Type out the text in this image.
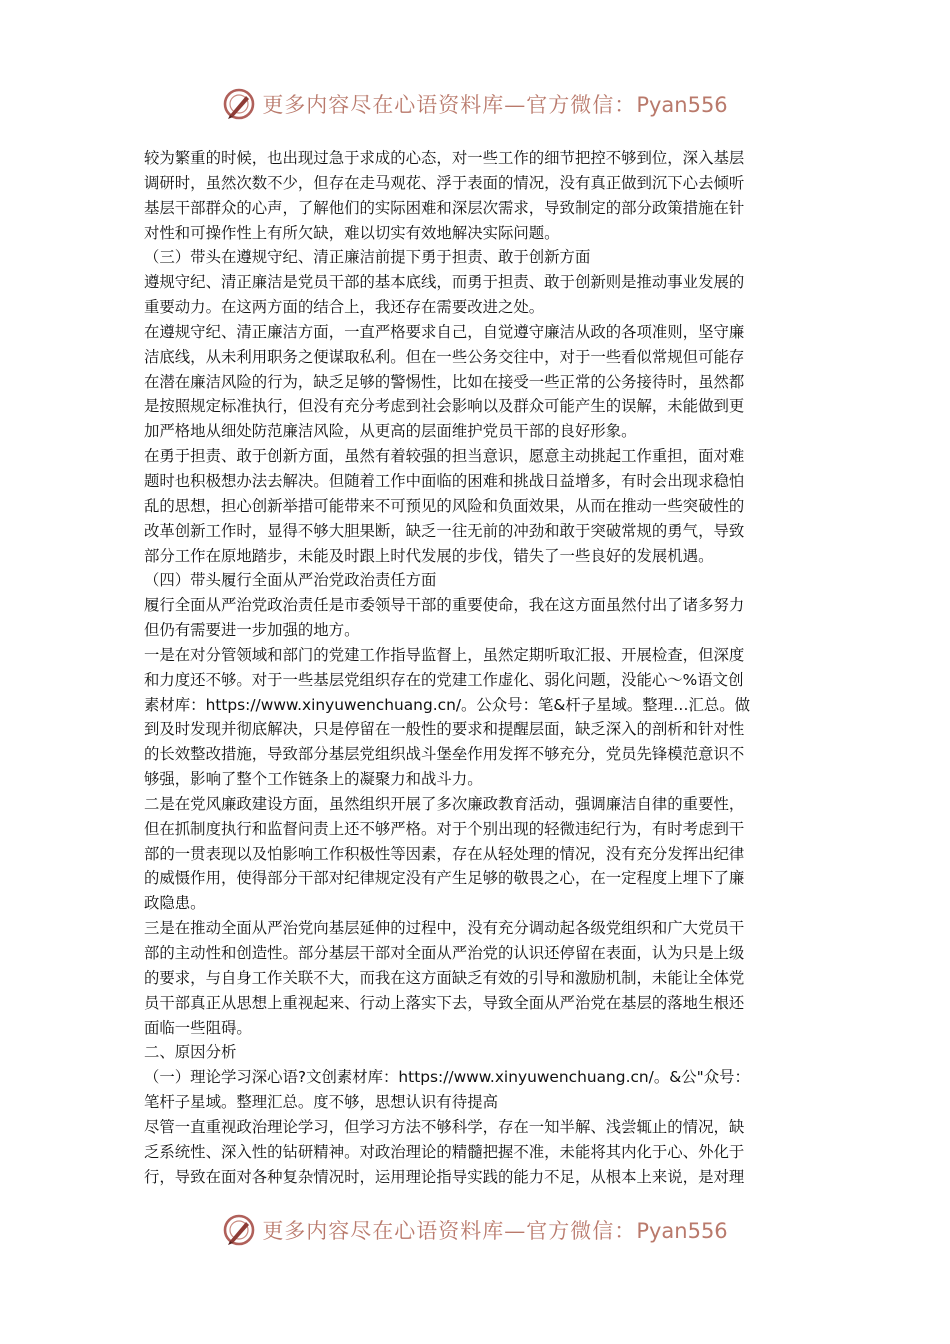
更多内容尽在心语资料库—官方微信：Pyan556
较为繁重的时候，也出现过急于求成的心态，对一些工作的细节把控不够到位，深入基层
调研时，虽然次数不少，但存在走马观花、浮于表面的情况，没有真正做到沉下心去倾听
基层干部群众的心声，了解他们的实际困难和深层次需求，导致制定的部分政策措施在针
对性和可操作性上有所欠缺，难以切实有效地解决实际问题。
（三）带头在遵规守纪、清正廉洁前提下勇于担责、敢于创新方面
遵规守纪、清正廉洁是党员干部的基本底线，而勇于担责、敢于创新则是推动事业发展的
重要动力。在这两方面的结合上，我还存在需要改进之处。
在遵规守纪、清正廉洁方面，一直严格要求自己，自觉遵守廉洁从政的各项准则，坚守廉
洁底线，从未利用职务之便谋取私利。但在一些公务交往中，对于一些看似常规但可能存
在潜在廉洁风险的行为，缺乏足够的警惕性，比如在接受一些正常的公务接待时，虽然都
是按照规定标准执行，但没有充分考虑到社会影响以及群众可能产生的误解，未能做到更
加严格地从细处防范廉洁风险，从更高的层面维护党员干部的良好形象。
在勇于担责、敢于创新方面，虽然有着较强的担当意识，愿意主动挑起工作重担，面对难
题时也积极想办法去解决。但随着工作中面临的困难和挑战日益增多，有时会出现求稳怕
乱的思想，担心创新举措可能带来不可预见的风险和负面效果，从而在推动一些突破性的
改革创新工作时，显得不够大胆果断，缺乏一往无前的冲劲和敢于突破常规的勇气，导致
部分工作在原地踏步，未能及时跟上时代发展的步伐，错失了一些良好的发展机遇。
（四）带头履行全面从严治党政治责任方面
履行全面从严治党政治责任是市委领导干部的重要使命，我在这方面虽然付出了诸多努力
但仍有需要进一步加强的地方。
一是在对分管领域和部门的党建工作指导监督上，虽然定期听取汇报、开展检查，但深度
和力度还不够。对于一些基层党组织存在的党建工作虚化、弱化问题，没能心～%语文创
素材库：https://www.xinyuwenchuang.cn/。公众号：笔&杆子星域。整理…汇总。做
到及时发现并彻底解决，只是停留在一般性的要求和提醒层面，缺乏深入的剖析和针对性
的长效整改措施，导致部分基层党组织战斗堡垒作用发挥不够充分，党员先锋模范意识不
够强，影响了整个工作链条上的凝聚力和战斗力。
二是在党风廉政建设方面，虽然组织开展了多次廉政教育活动，强调廉洁自律的重要性，
但在抓制度执行和监督问责上还不够严格。对于个别出现的轻微违纪行为，有时考虑到干
部的一贯表现以及怕影响工作积极性等因素，存在从轻处理的情况，没有充分发挥出纪律
的威慑作用，使得部分干部对纪律规定没有产生足够的敬畏之心，在一定程度上埋下了廉
政隐患。
三是在推动全面从严治党向基层延伸的过程中，没有充分调动起各级党组织和广大党员干
部的主动性和创造性。部分基层干部对全面从严治党的认识还停留在表面，认为只是上级
的要求，与自身工作关联不大，而我在这方面缺乏有效的引导和激励机制，未能让全体党
员干部真正从思想上重视起来、行动上落实下去，导致全面从严治党在基层的落地生根还
面临一些阻碍。
二、原因分析
（一）理论学习深心语?文创素材库：https://www.xinyuwenchuang.cn/。&公"众号：
笔杆子星域。整理汇总。度不够，思想认识有待提高
尽管一直重视政治理论学习，但学习方法不够科学，存在一知半解、浅尝辄止的情况，缺
乏系统性、深入性的钻研精神。对政治理论的精髓把握不准，未能将其内化于心、外化于
行，导致在面对各种复杂情况时，运用理论指导实践的能力不足，从根本上来说，是对理
更多内容尽在心语资料库—官方微信：Pyan556
